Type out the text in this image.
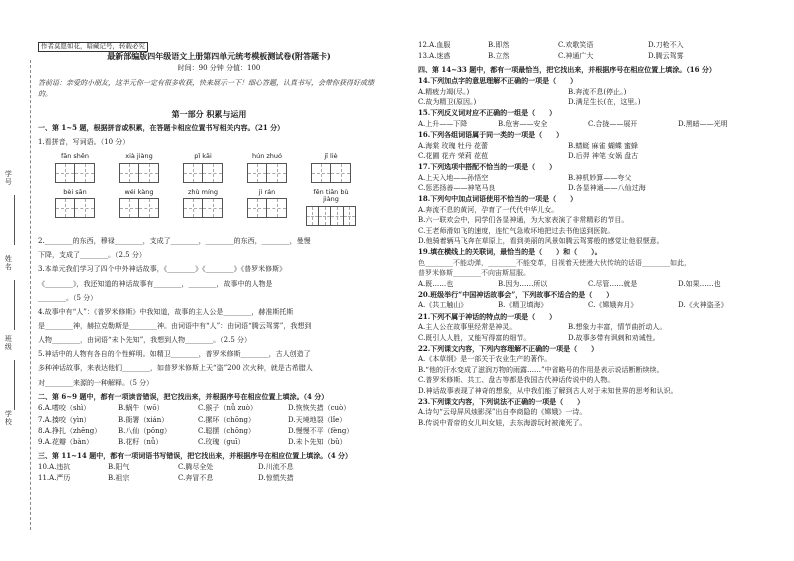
学号
姓名
班级
学校
作者莫愿如花，暗藏记号，转载必究
最新部编版四年级语文上册第四单元统考模板测试卷(附答题卡)
时间：90 分钟 分值：100
答前语：亲爱的小朋友，这半元你一定有很多收获，快来展示一下！细心答题，认真书写，会带你获得好成绩的。
第一部分 积累与运用
一、第 1~5 题，根据拼音或积累，在答题卡相应位置书写相关内容。（21 分）
1.看拼音，写词语。（10 分）
fān shēn	xià jiàng	pǐ kāi	hún zhuó	jī liè
bèi sān	wéi kàng	zhù míng	jì rán	fēn tiān bù jiàng
2.________的东西，穆禄________，支成了________，________的东西，________，曼慢
下降，支成了________。（2.5 分）
3.本单元我们学习了四个中外神话故事，《________》《________》《普罗米修斯》
《________》，我还知道的神话故事有________，________，故事中的人物是
________。（5 分）
4.故事中有“人”：《普罗米修斯》中我知道，故事的主人公是________，赫准斯托斯
是________神，赫拉克勒斯是________神。由词语中有“人”：由词语“腾云驾雾”，我想到
人物________，由词语“未卜先知”，我想到人物________。（2.5 分）
5.神话中的人物有各自的个性鲜明。如精卫________，普罗米修斯________，古人创造了
多种神话故事，来表达他们________，如普罗米修斯上天“盗”200 次火种，就是古希腊人
对________来源的一种解释。（5 分）
二、第 6~9 题中，都有一项读音错误，把它找出来，并根据序号在相应位置上填涂。（4 分）
6.A.嗜咬（shì）	B.蜗牛（wō）	C.猴子（nǚ zuò）	D.恢恢失措（cuò）
7.A.揍咬（yìn）	B.衙署（xián）	C.摞环（chōng）	D.天境地裂（lǐe）
8.A.挣扎（zhēng）	B.八仙（pōng）	C.聪摆（chōng）	D.慢慢不平（fèng）
9.A.花瓣（bàn）	B.花籽（nǚ）	C.玫瑰（guī）	D.未卜先知（bǔ）
三、第 11~14 题中，都有一项词语书写错误，把它找出来，并根据序号在相应位置上填涂。（4 分）
10.A.违抗	B.阳气	C.腾尽全处	D.川流不息
11.A.严历	B.祖宗	C.奔冒不息	D.惊慌失措
12.A.血服	B.即然	C.欢歌笑语	D.刀枪不入
13.A.迷惑	B.立然	C.神通广大	D.腾云驾雾
四、第 14~33 题中，都有一项最恰当，把它找出来，并根据序号在相应位置上填涂。（16 分）
14.下列加点字的意思理解不正确的一项是（　　）
A.精疲力竭(尽。)	B.奔流不息(停止。)
C.故为精卫(原因。)	D.满足生长(在，这里。)
15.下列反义词对应不正确的一组是（　　）
A.上升——下降	B.危害——安全	C.合拢——展开	D.黑暗——光明
16.下列各组词语属于同一类的一项是（　　）
A.海棠 玫瑰 牡丹 花蕾	B.蜻蜓 麻雀 蝴蝶 蜜蜂
C.花圃 花卉 荣莉 花苞	D.后羿 神笔 女娲 盘古
17.下列选项中搭配不恰当的一项是（　　）
A.上天入地——孙悟空	B.神机妙算——夸父
C.惩恶扬善——神笔马良	D.各显神通——八仙过海
18.下列句中加点词语使用不恰当的一项是（　　）
A.奔流不息的黄河，孕育了一代代中华儿女。
B.六一联欢会中，同学们各显神通，为大家表演了非常精彩的节目。
C.王老师滑如飞的速度，连忙气急败坏地把过去书他送到医院。
D.他骑着辆马飞奔在草原上，看到美丽的风景如腾云驾雾般的感觉让他很惬意。
19.填在横线上的关联词，最恰当的是（　　）和（　　）。
色________不能动弹，________不能变革，目视着天使漫大伙传统的话语________如此，
普罗米修斯________不向宙斯屈服。
A.既……也	B.因为……所以	C.尽管……就是	D.如果……也
20.班级举行“中国神话故事会”，下列故事不适合的是（　　）
A.《共工触山》	B.《精卫填海》	C.《嫦娥奔月》	D.《火神盗圣》
21.下列不属于神话的特点的一项是（　　）
A.主人公在故事里经常是神灵。	B.想象力丰富，情节曲折动人。
C.既引人人胜，又能写得富的细节。	D.故事多带有讽刺和劝诫性。
22.下列课文内容，下列内容理解不正确的一项是（　　）
A.《本草纲》是一部关于农业生产的著作。
B.“他的汗水变成了滋润万物的雨露……”中省略号的作用是表示说话断断续续。
C.普罗米修斯、共工、盘古等都是我国古代神话传说中的人物。
D.神话故事表现了神奇的想象，从中我们能了解到古人对于未知世界的思考和认识。
23.下列课文内容，下列说法不正确的一项是（　　）
A.诗句“云母屏风烛影深”出自李商隐的《嫦娥》一诗。
B.传说中青帝的女儿叫女娃，去东海游玩时被淹死了。
